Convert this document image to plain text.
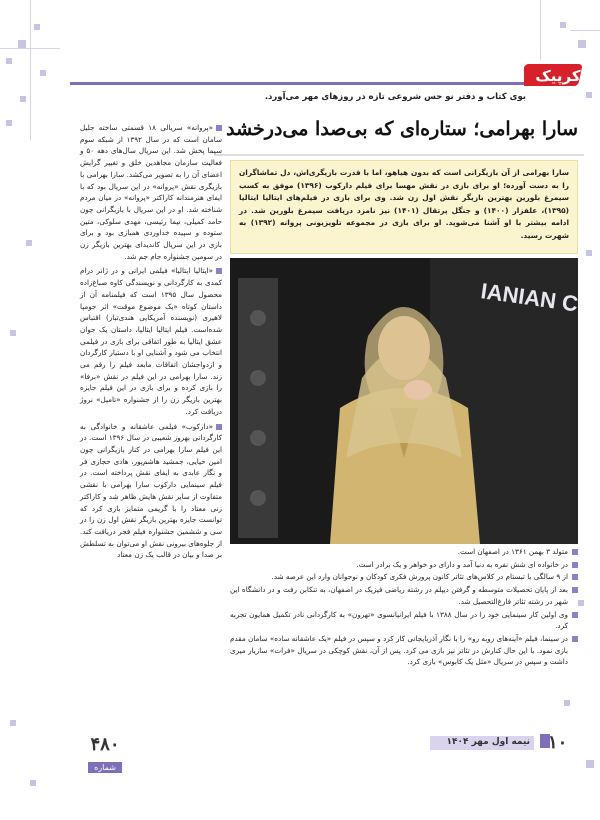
کرپیک
بوی کتاب و دفتر نو حس شروعی تازه در روزهای مهر می‌آورد.
سارا بهرامی؛ ستاره‌ای که بی‌صدا می‌درخشد

سارا بهرامی از آن بازیگرانی است که بدون هیاهو، اما با قدرت بازیگری‌اش، دل تماشاگران را به دست آورده؛ او برای بازی در نقش مهسا برای فیلم دارکوب (۱۳۹۶) موفق به کسب سیمرغ بلورین بهترین بازیگر نقش اول زن شد. وی برای بازی در فیلم‌های ایتالیا ایتالیا (۱۳۹۵)، علفزار (۱۴۰۰) و جنگل پرتقال (۱۴۰۱) نیز نامزد دریافت سیمرغ بلورین شد. در ادامه بیشتر با او آشنا می‌شوید. او برای بازی در مجموعه تلویزیونی پروانه (۱۳۹۲) به شهرت رسید.

متولد ۳ بهمن ۱۳۶۱ در اصفهان است.
در خانواده ای شش نفره به دنیا آمد و دارای دو خواهر و یک برادر است.
از ۹ سالگی با تبستام در کلاس‌های تئاتر کانون پرورش فکری کودکان و نوجوانان وارد این عرصه شد.
بعد از پایان تحصیلات متوسطه و گرفتن دیپلم در رشته ریاضی فیزیک در اصفهان، به تنکابن رفت و در دانشگاه این شهر در رشته تئاتر فارغ‌التحصیل شد.
وی اولین کار سینمایی خود را در سال ۱۳۸۸ با فیلم ایرانیانسوی «تهرون» به کارگردانی نادر تکمیل همایون تجربه کرد.
در سینما، فیلم «آینه‌های روبه رو» را با نگار آذربایجانی کار کرد و سپس در فیلم «یک عاشقانه ساده» سامان مقدم بازی نمود. با این حال کنارش در تئاتر نیز بازی می کرد. پس از آن، نقش کوچکی در سریال «فرات» سازیار میری داشت و سپس در سریال «مثل یک کابوس» بازی کرد.

«پروانه» سریالی ۱۸ قسمتی ساخته جلیل سامان است که در سال ۱۳۹۲ از شبکه سوم سیما پخش شد. این سریال سال‌های دهه ۵۰ و فعالیت سازمان مجاهدین خلق و تغییر گرایش اعضای آن را به تصویر می‌کشد. سارا بهرامی با بازیگری نقش «پروانه» در این سریال بود که با ایفای هنرمندانه کاراکتر «پروانه» در میان مردم شناخته شد. او در این سریال با بازیگرانی چون حامد کمیلی، نیما رئیسی، مهدی سلوکی، متین ستوده و سپیده خداوردی همبازی بود و برای بازی در این سریال کاندیدای بهترین بازیگر زن در سومین جشنواره جام جم شد.

«ایتالیا ایتالیا» فیلمی ایرانی و در ژانر درام کمدی به کارگردانی و نویسندگی کاوه صباغ‌زاده محصول سال ۱۳۹۵ است که فیلمنامه آن از داستان کوتاه «یک موضوع موقت» اثر جومپا لاهیری (نویسنده آمریکایی هندی‌تبار) اقتباس شده‌است. فیلم ایتالیا ایتالیا، داستان یک جوان عشق ایتالیا به طور اتفاقی برای بازی در فیلمی انتخاب می شود و آشنایی او با دستیار کارگردان و ازدواجشان اتفاقات مابعد فیلم را رقم می زند. سارا بهرامی در این فیلم در نقش «برفا» را بازی کرده و برای بازی در این فیلم جایزه بهترین بازیگر زن را از جشنواره «تامیل» نروژ دریافت کرد.

«دارکوب» فیلمی عاشقانه و خانوادگی به کارگردانی بهروز شعیبی در سال ۱۳۹۶ است. در این فیلم سارا بهرامی در کنار بازیگرانی چون امین حیایی، جمشید هاشم‌پور، هادی حجازی فر و نگار عابدی به ایفای نقش پرداخته است. در فیلم سینمایی دارکوب سارا بهرامی با نقشی متفاوت از سایر نقش هایش ظاهر شد و کاراکتر زنی معتاد را با گریمی متمایز بازی کرد که توانست جایزه بهترین بازیگر نقش اول زن را در سی و ششمین جشنواره فیلم فجر دریافت کند. از جلوه‌های بیرونی نقش او می‌توان به تسلطش بر صدا و بیان در قالب یک زن معتاد

۴۸۰
شماره
نیمه اول مهر ۱۴۰۴ ۱۰
